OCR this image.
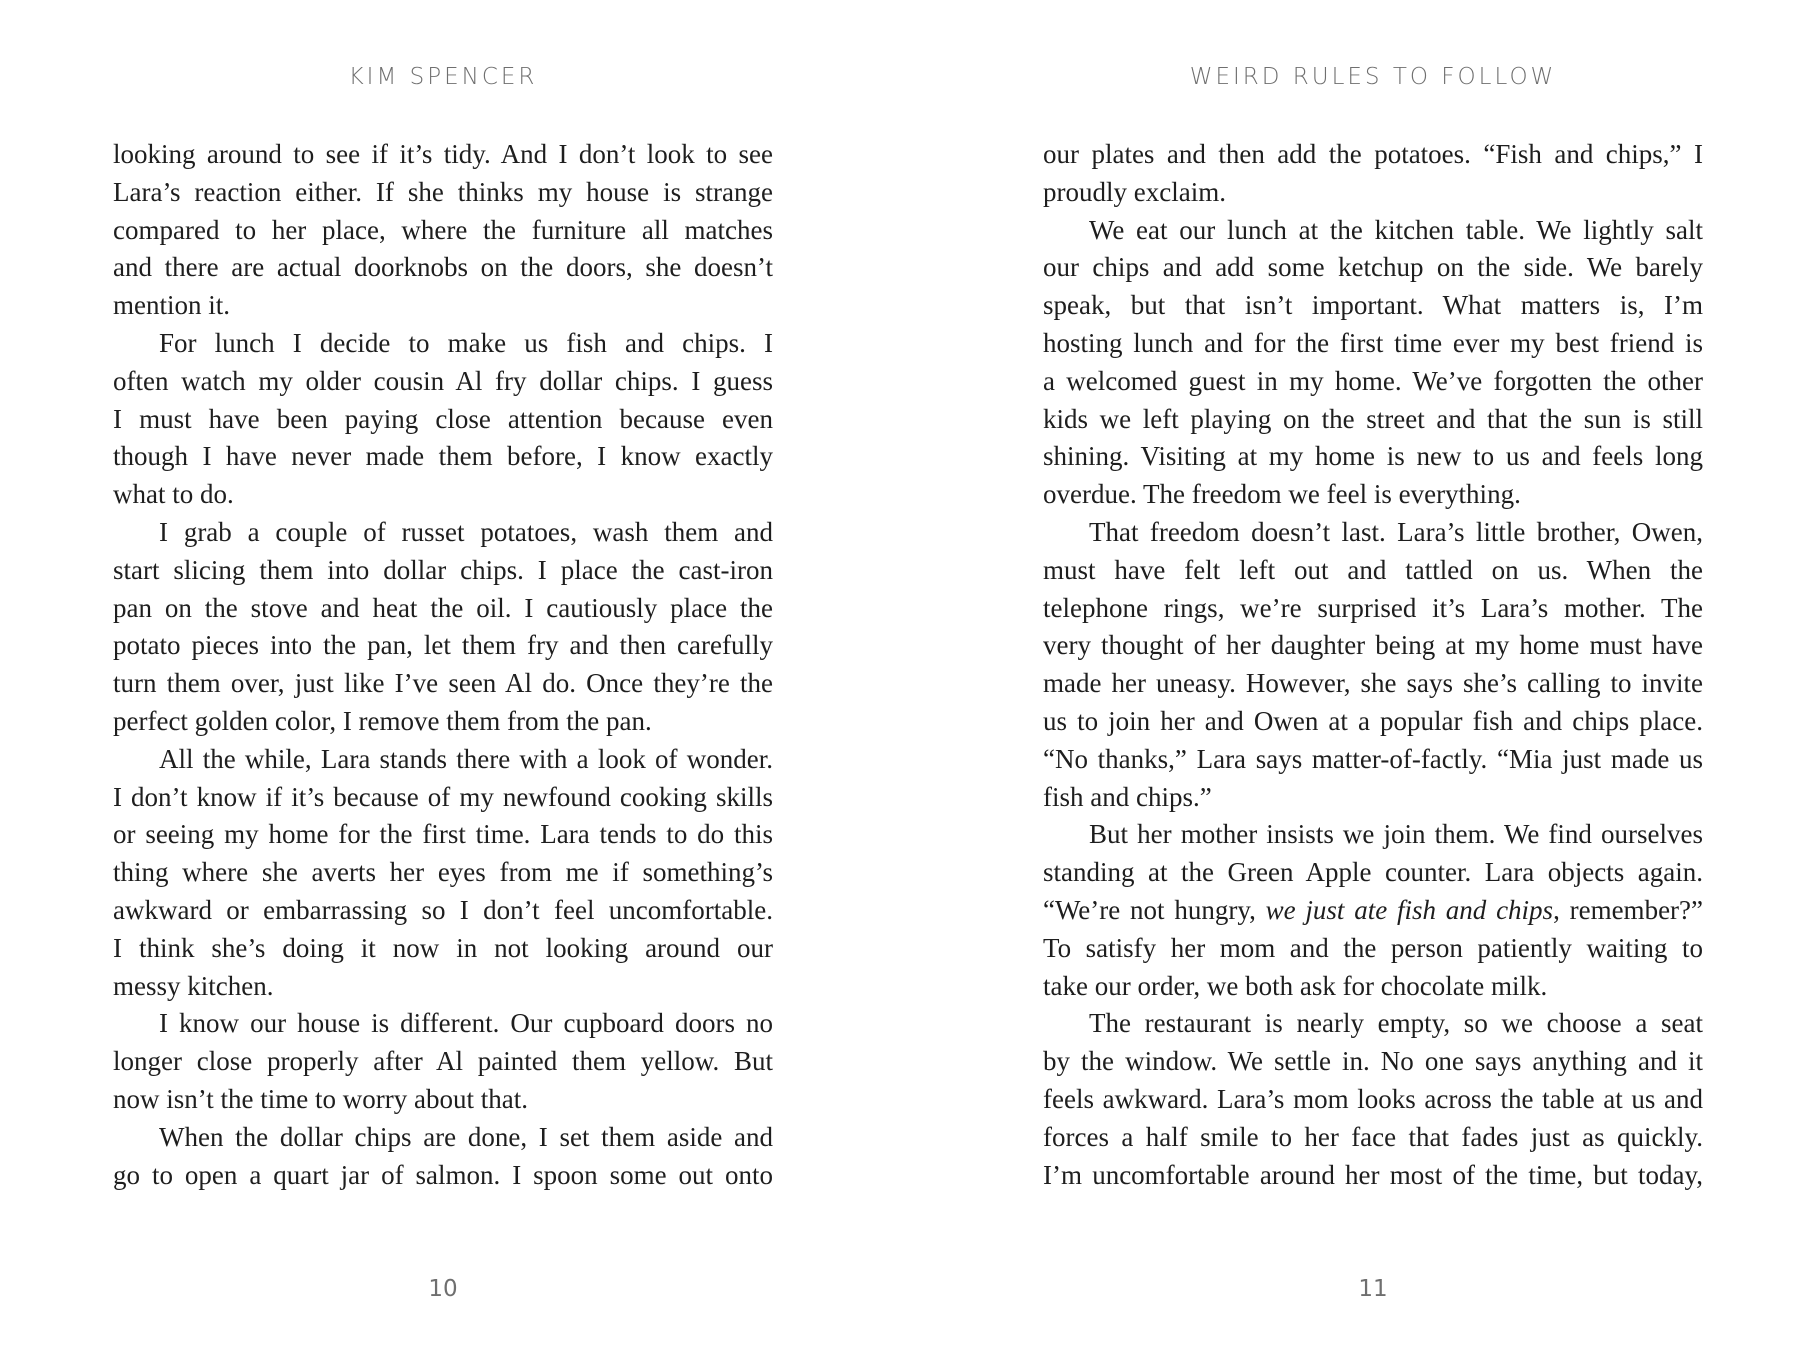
KIM SPENCER
looking around to see if it’s tidy. And I don’t look to see
Lara’s reaction either. If she thinks my house is strange
compared to her place, where the furniture all matches
and there are actual doorknobs on the doors, she doesn’t
mention it.
For lunch I decide to make us fish and chips. I
often watch my older cousin Al fry dollar chips. I guess
I must have been paying close attention because even
though I have never made them before, I know exactly
what to do.
I grab a couple of russet potatoes, wash them and
start slicing them into dollar chips. I place the cast-iron
pan on the stove and heat the oil. I cautiously place the
potato pieces into the pan, let them fry and then carefully
turn them over, just like I’ve seen Al do. Once they’re the
perfect golden color, I remove them from the pan.
All the while, Lara stands there with a look of wonder.
I don’t know if it’s because of my newfound cooking skills
or seeing my home for the first time. Lara tends to do this
thing where she averts her eyes from me if something’s
awkward or embarrassing so I don’t feel uncomfortable.
I think she’s doing it now in not looking around our
messy kitchen.
I know our house is different. Our cupboard doors no
longer close properly after Al painted them yellow. But
now isn’t the time to worry about that.
When the dollar chips are done, I set them aside and
go to open a quart jar of salmon. I spoon some out onto
10
WEIRD RULES TO FOLLOW
our plates and then add the potatoes. “Fish and chips,” I
proudly exclaim.
We eat our lunch at the kitchen table. We lightly salt
our chips and add some ketchup on the side. We barely
speak, but that isn’t important. What matters is, I’m
hosting lunch and for the first time ever my best friend is
a welcomed guest in my home. We’ve forgotten the other
kids we left playing on the street and that the sun is still
shining. Visiting at my home is new to us and feels long
overdue. The freedom we feel is everything.
That freedom doesn’t last. Lara’s little brother, Owen,
must have felt left out and tattled on us. When the
telephone rings, we’re surprised it’s Lara’s mother. The
very thought of her daughter being at my home must have
made her uneasy. However, she says she’s calling to invite
us to join her and Owen at a popular fish and chips place.
“No thanks,” Lara says matter-of-factly. “Mia just made us
fish and chips.”
But her mother insists we join them. We find ourselves
standing at the Green Apple counter. Lara objects again.
“We’re not hungry, we just ate fish and chips, remember?”
To satisfy her mom and the person patiently waiting to
take our order, we both ask for chocolate milk.
The restaurant is nearly empty, so we choose a seat
by the window. We settle in. No one says anything and it
feels awkward. Lara’s mom looks across the table at us and
forces a half smile to her face that fades just as quickly.
I’m uncomfortable around her most of the time, but today,
11
